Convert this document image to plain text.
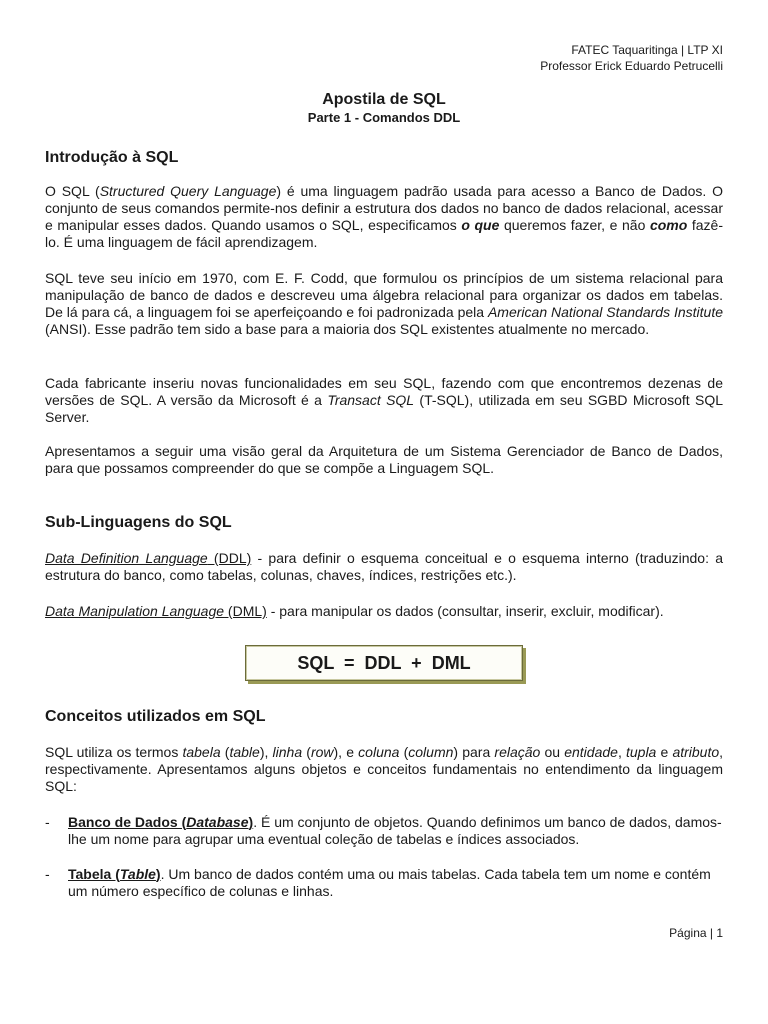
FATEC Taquaritinga | LTP XI
Professor Erick Eduardo Petrucelli
Apostila de SQL
Parte 1 - Comandos DDL
Introdução à SQL
O SQL (Structured Query Language) é uma linguagem padrão usada para acesso a Banco de Dados. O conjunto de seus comandos permite-nos definir a estrutura dos dados no banco de dados relacional, acessar e manipular esses dados. Quando usamos o SQL, especificamos o que queremos fazer, e não como fazê-lo. É uma linguagem de fácil aprendizagem.
SQL teve seu início em 1970, com E. F. Codd, que formulou os princípios de um sistema relacional para manipulação de banco de dados e descreveu uma álgebra relacional para organizar os dados em tabelas. De lá para cá, a linguagem foi se aperfeiçoando e foi padronizada pela American National Standards Institute (ANSI). Esse padrão tem sido a base para a maioria dos SQL existentes atualmente no mercado.
Cada fabricante inseriu novas funcionalidades em seu SQL, fazendo com que encontremos dezenas de versões de SQL. A versão da Microsoft é a Transact SQL (T-SQL), utilizada em seu SGBD Microsoft SQL Server.
Apresentamos a seguir uma visão geral da Arquitetura de um Sistema Gerenciador de Banco de Dados, para que possamos compreender do que se compõe a Linguagem SQL.
Sub-Linguagens do SQL
Data Definition Language (DDL) - para definir o esquema conceitual e o esquema interno (traduzindo: a estrutura do banco, como tabelas, colunas, chaves, índices, restrições etc.).
Data Manipulation Language (DML) - para manipular os dados (consultar, inserir, excluir, modificar).
SQL  =  DDL  +  DML
Conceitos utilizados em SQL
SQL utiliza os termos tabela (table), linha (row), e coluna (column) para relação ou entidade, tupla e atributo, respectivamente. Apresentamos alguns objetos e conceitos fundamentais no entendimento da linguagem SQL:
- Banco de Dados (Database). É um conjunto de objetos. Quando definimos um banco de dados, damos-lhe um nome para agrupar uma eventual coleção de tabelas e índices associados.
- Tabela (Table). Um banco de dados contém uma ou mais tabelas. Cada tabela tem um nome e contém um número específico de colunas e linhas.
Página | 1
